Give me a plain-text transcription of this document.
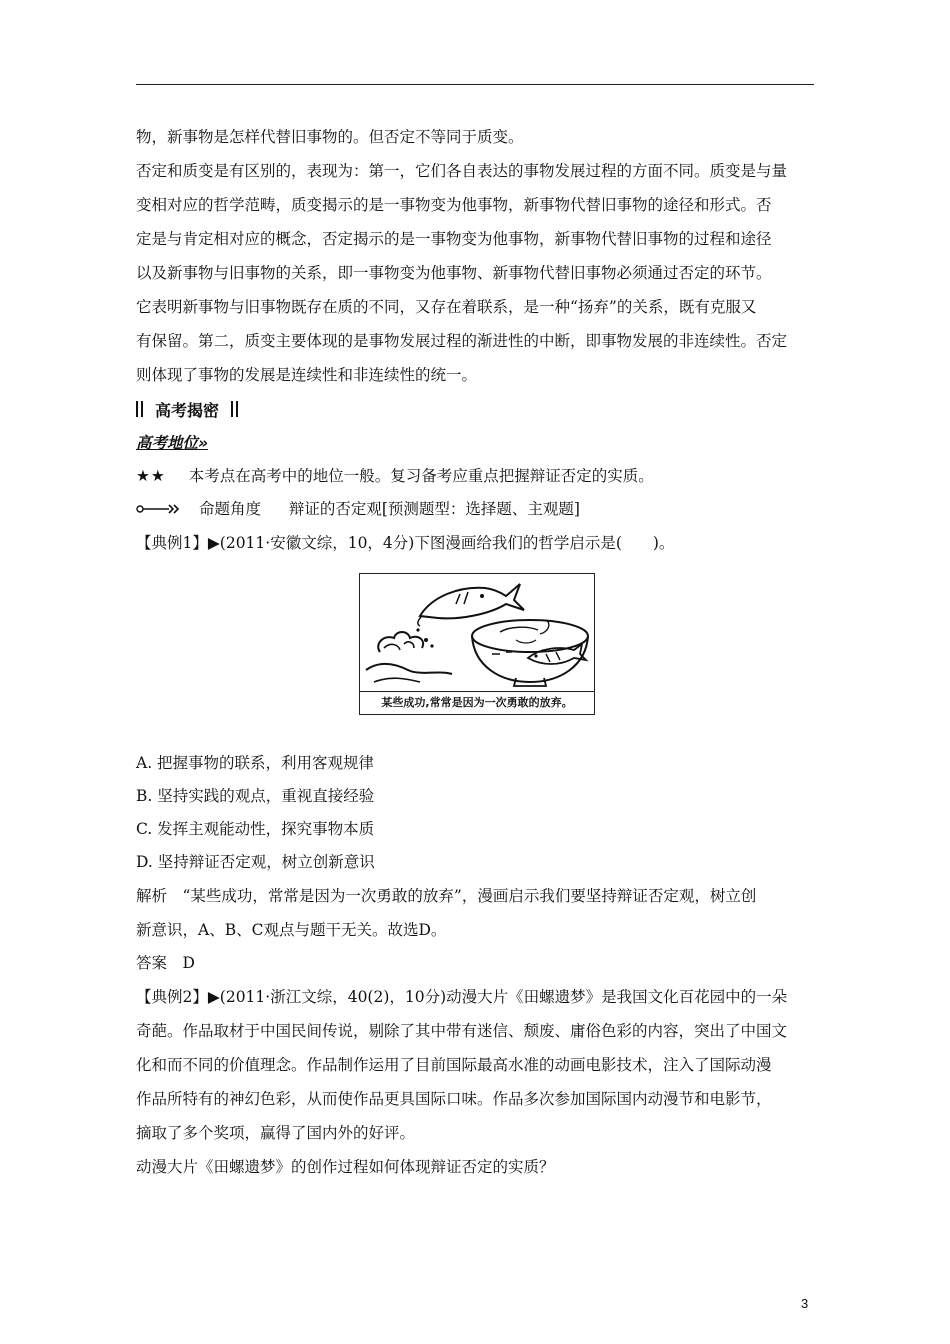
物，新事物是怎样代替旧事物的。但否定不等同于质变。
否定和质变是有区别的，表现为：第一，它们各自表达的事物发展过程的方面不同。质变是与量
变相对应的哲学范畴，质变揭示的是一事物变为他事物，新事物代替旧事物的途径和形式。否
定是与肯定相对应的概念，否定揭示的是一事物变为他事物，新事物代替旧事物的过程和途径
以及新事物与旧事物的关系，即一事物变为他事物、新事物代替旧事物必须通过否定的环节。
它表明新事物与旧事物既存在质的不同，又存在着联系，是一种“扬弃”的关系，既有克服又
有保留。第二，质变主要体现的是事物发展过程的渐进性的中断，即事物发展的非连续性。否定
则体现了事物的发展是连续性和非连续性的统一。

高考揭密
高考地位»
★★ 本考点在高考中的地位一般。复习备考应重点把握辩证否定的实质。
命题角度 辩证的否定观[预测题型：选择题、主观题]
【典例1】▶(2011·安徽文综，10，4分)下图漫画给我们的哲学启示是(　　)。
某些成功,常常是因为一次勇敢的放弃。
A. 把握事物的联系，利用客观规律
B. 坚持实践的观点，重视直接经验
C. 发挥主观能动性，探究事物本质
D. 坚持辩证否定观，树立创新意识

解析　“某些成功，常常是因为一次勇敢的放弃”，漫画启示我们要坚持辩证否定观，树立创
新意识，A、B、C观点与题干无关。故选D。

答案　D

【典例2】▶(2011·浙江文综，40(2)，10分)动漫大片《田螺遗梦》是我国文化百花园中的一朵
奇葩。作品取材于中国民间传说，剔除了其中带有迷信、颓废、庸俗色彩的内容，突出了中国文
化和而不同的价值理念。作品制作运用了目前国际最高水准的动画电影技术，注入了国际动漫
作品所特有的神幻色彩，从而使作品更具国际口味。作品多次参加国际国内动漫节和电影节，
摘取了多个奖项，赢得了国内外的好评。
动漫大片《田螺遗梦》的创作过程如何体现辩证否定的实质？

3
